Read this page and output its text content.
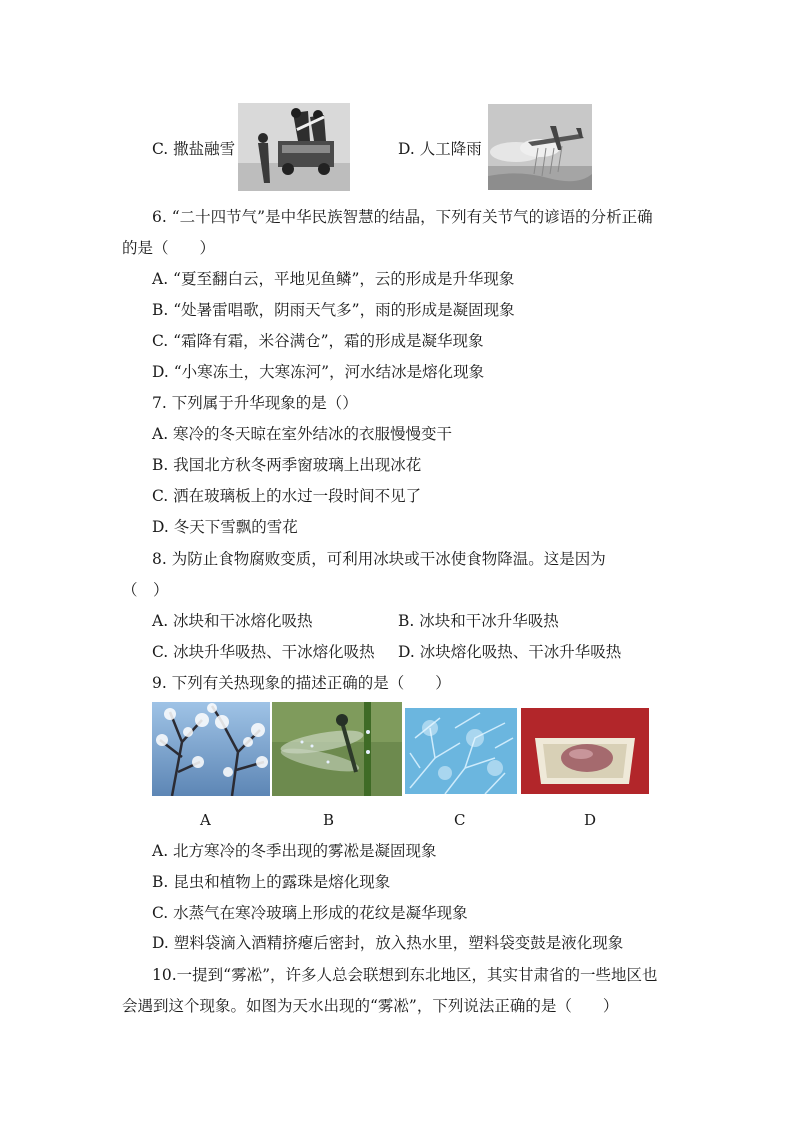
C. 撒盐融雪	D. 人工降雨
6. “二十四节气”是中华民族智慧的结晶，下列有关节气的谚语的分析正确
的是（　　）
A. “夏至翻白云，平地见鱼鳞”，云的形成是升华现象
B. “处暑雷唱歌，阴雨天气多”，雨的形成是凝固现象
C. “霜降有霜，米谷满仓”，霜的形成是凝华现象
D. “小寒冻土，大寒冻河”，河水结冰是熔化现象
7. 下列属于升华现象的是（）
A. 寒冷的冬天晾在室外结冰的衣服慢慢变干
B. 我国北方秋冬两季窗玻璃上出现冰花
C. 洒在玻璃板上的水过一段时间不见了
D. 冬天下雪飘的雪花
8. 为防止食物腐败变质，可利用冰块或干冰使食物降温。这是因为
（　）
A. 冰块和干冰熔化吸热	B. 冰块和干冰升华吸热
C. 冰块升华吸热、干冰熔化吸热 D. 冰块熔化吸热、干冰升华吸热
9. 下列有关热现象的描述正确的是（　　）
A	B	C	D
A. 北方寒冷的冬季出现的雾凇是凝固现象
B. 昆虫和植物上的露珠是熔化现象
C. 水蒸气在寒冷玻璃上形成的花纹是凝华现象
D. 塑料袋滴入酒精挤瘪后密封，放入热水里，塑料袋变鼓是液化现象
10.一提到“雾凇”，许多人总会联想到东北地区，其实甘肃省的一些地区也
会遇到这个现象。如图为天水出现的“雾凇”，下列说法正确的是（　　）
